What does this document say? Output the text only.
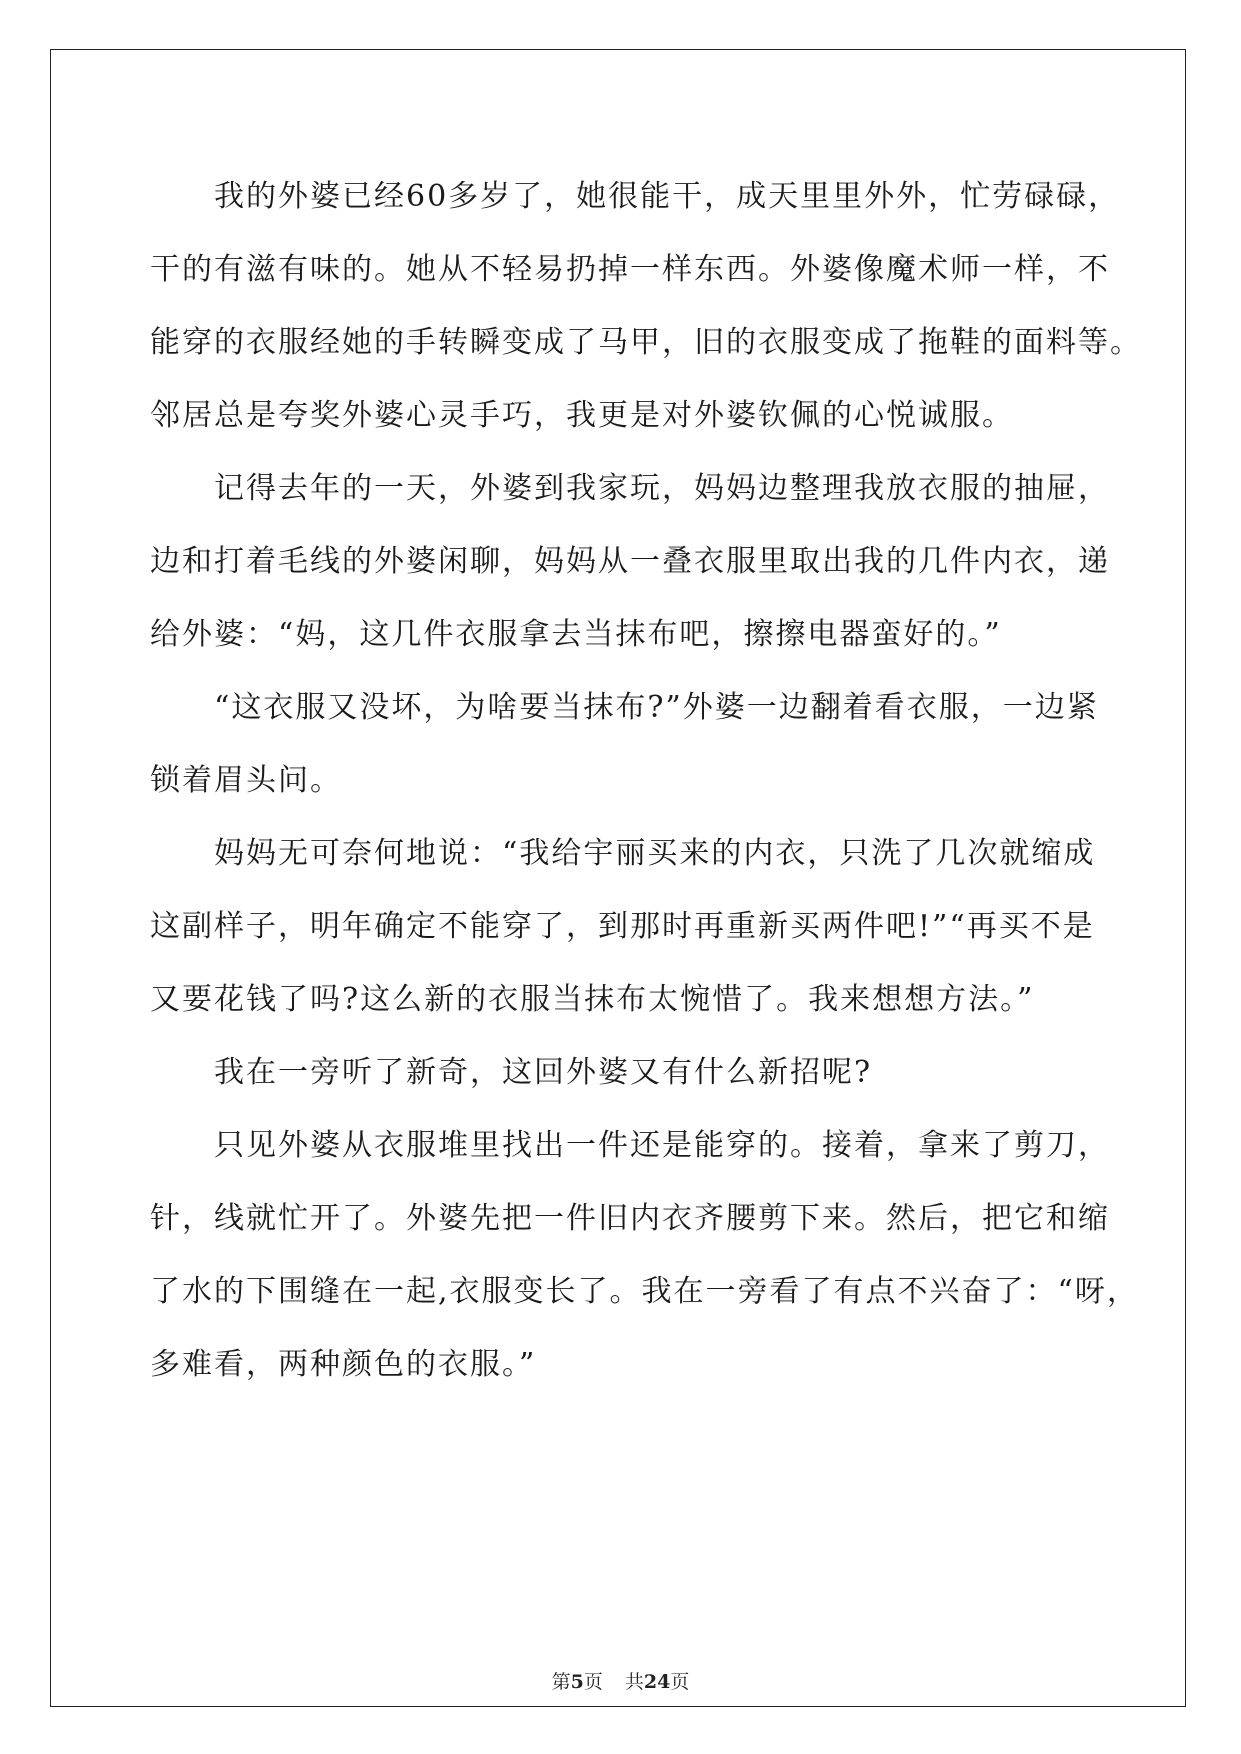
我的外婆已经60多岁了，她很能干，成天里里外外，忙劳碌碌，
干的有滋有味的。她从不轻易扔掉一样东西。外婆像魔术师一样，不
能穿的衣服经她的手转瞬变成了马甲，旧的衣服变成了拖鞋的面料等。
邻居总是夸奖外婆心灵手巧，我更是对外婆钦佩的心悦诚服。
记得去年的一天，外婆到我家玩，妈妈边整理我放衣服的抽屉，
边和打着毛线的外婆闲聊，妈妈从一叠衣服里取出我的几件内衣，递
给外婆：“妈，这几件衣服拿去当抹布吧，擦擦电器蛮好的。”
“这衣服又没坏，为啥要当抹布?”外婆一边翻着看衣服，一边紧
锁着眉头问。
妈妈无可奈何地说：“我给宇丽买来的内衣，只洗了几次就缩成
这副样子，明年确定不能穿了，到那时再重新买两件吧!”“再买不是
又要花钱了吗?这么新的衣服当抹布太惋惜了。我来想想方法。”
我在一旁听了新奇，这回外婆又有什么新招呢?
只见外婆从衣服堆里找出一件还是能穿的。接着，拿来了剪刀，
针，线就忙开了。外婆先把一件旧内衣齐腰剪下来。然后，把它和缩
了水的下围缝在一起,衣服变长了。我在一旁看了有点不兴奋了：“呀，
多难看，两种颜色的衣服。”
第5页 共24页
